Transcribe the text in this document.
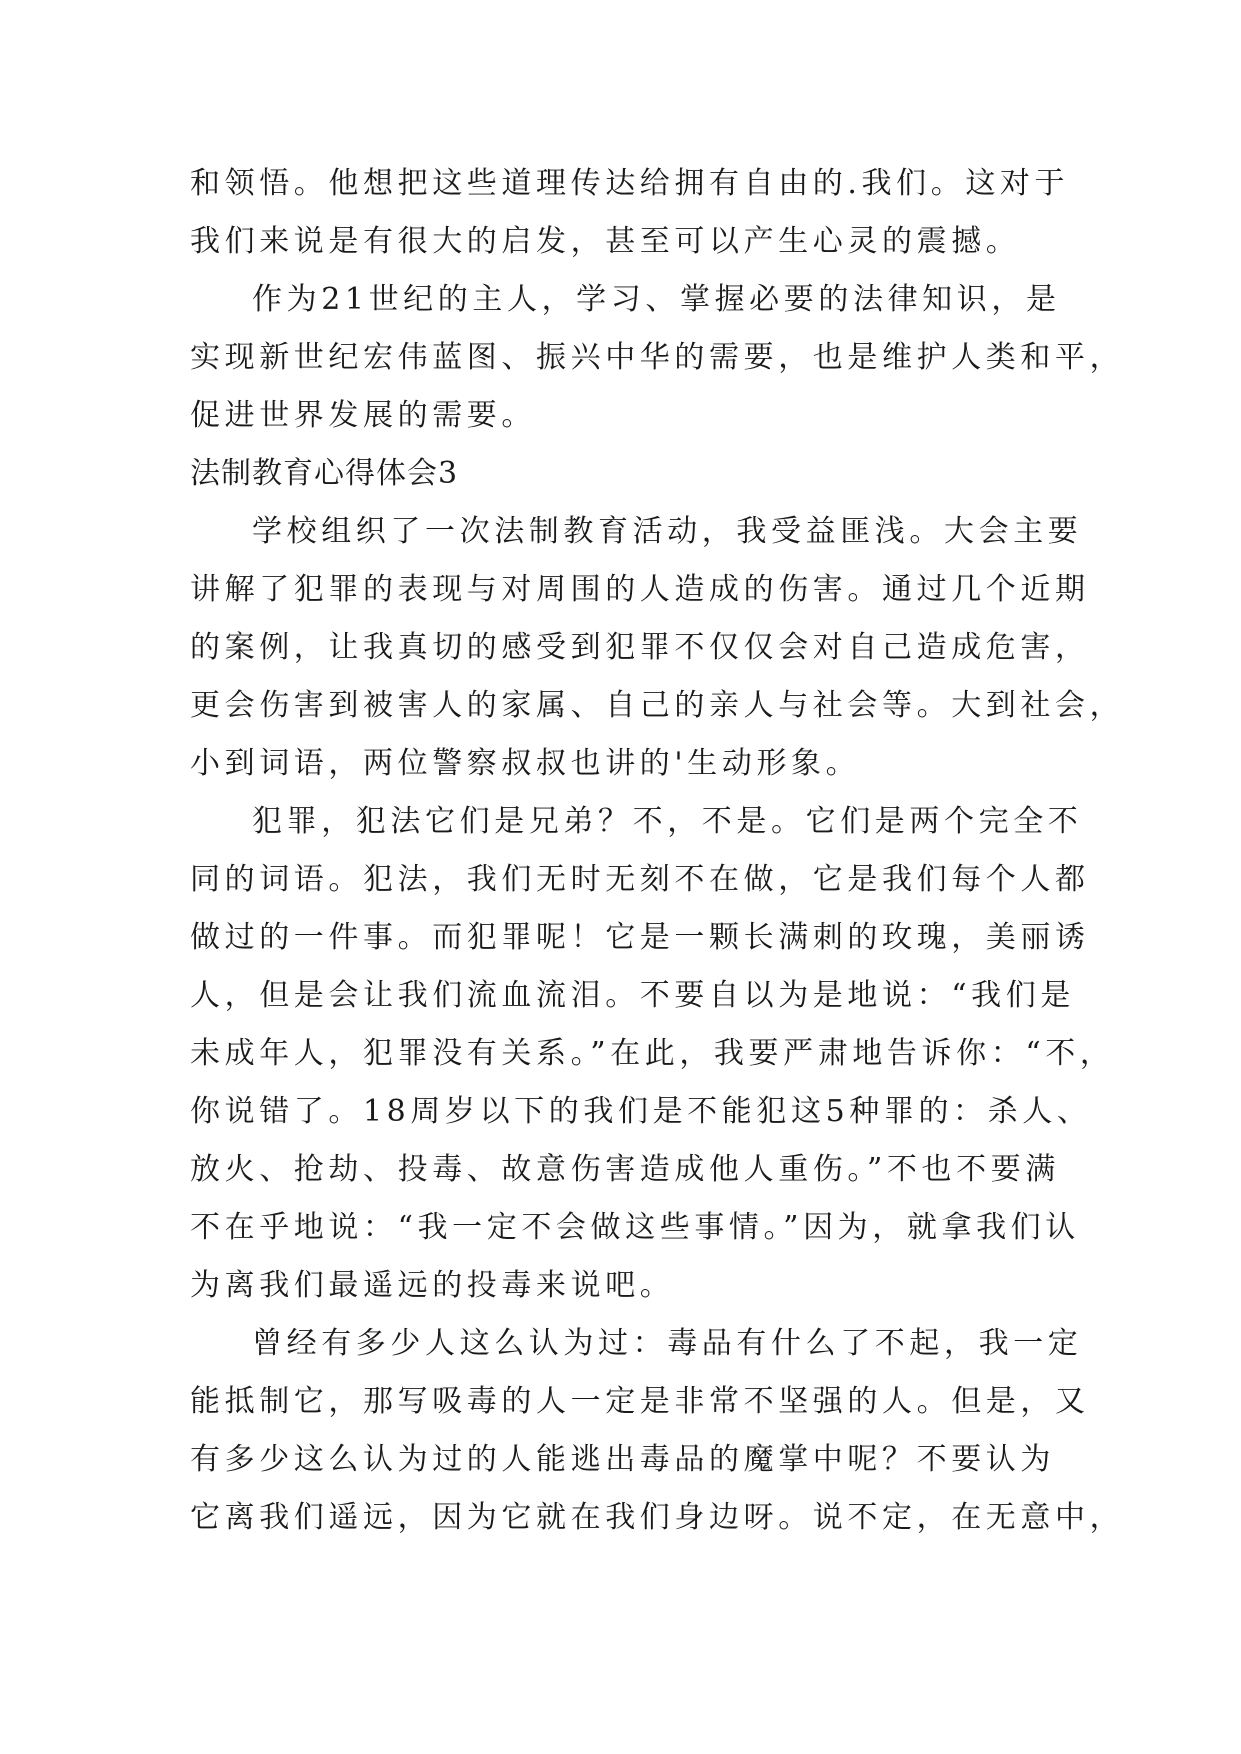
和领悟。他想把这些道理传达给拥有自由的.我们。这对于
我们来说是有很大的启发，甚至可以产生心灵的震撼。
作为21世纪的主人，学习、掌握必要的法律知识，是
实现新世纪宏伟蓝图、振兴中华的需要，也是维护人类和平，
促进世界发展的需要。
法制教育心得体会3
学校组织了一次法制教育活动，我受益匪浅。大会主要
讲解了犯罪的表现与对周围的人造成的伤害。通过几个近期
的案例，让我真切的感受到犯罪不仅仅会对自己造成危害，
更会伤害到被害人的家属、自己的亲人与社会等。大到社会，
小到词语，两位警察叔叔也讲的'生动形象。
犯罪，犯法它们是兄弟？不，不是。它们是两个完全不
同的词语。犯法，我们无时无刻不在做，它是我们每个人都
做过的一件事。而犯罪呢！它是一颗长满刺的玫瑰，美丽诱
人，但是会让我们流血流泪。不要自以为是地说：“我们是
未成年人，犯罪没有关系。”在此，我要严肃地告诉你：“不，
你说错了。18周岁以下的我们是不能犯这5种罪的：杀人、
放火、抢劫、投毒、故意伤害造成他人重伤。”不也不要满
不在乎地说：“我一定不会做这些事情。”因为，就拿我们认
为离我们最遥远的投毒来说吧。
曾经有多少人这么认为过：毒品有什么了不起，我一定
能抵制它，那写吸毒的人一定是非常不坚强的人。但是，又
有多少这么认为过的人能逃出毒品的魔掌中呢？不要认为
它离我们遥远，因为它就在我们身边呀。说不定，在无意中，
